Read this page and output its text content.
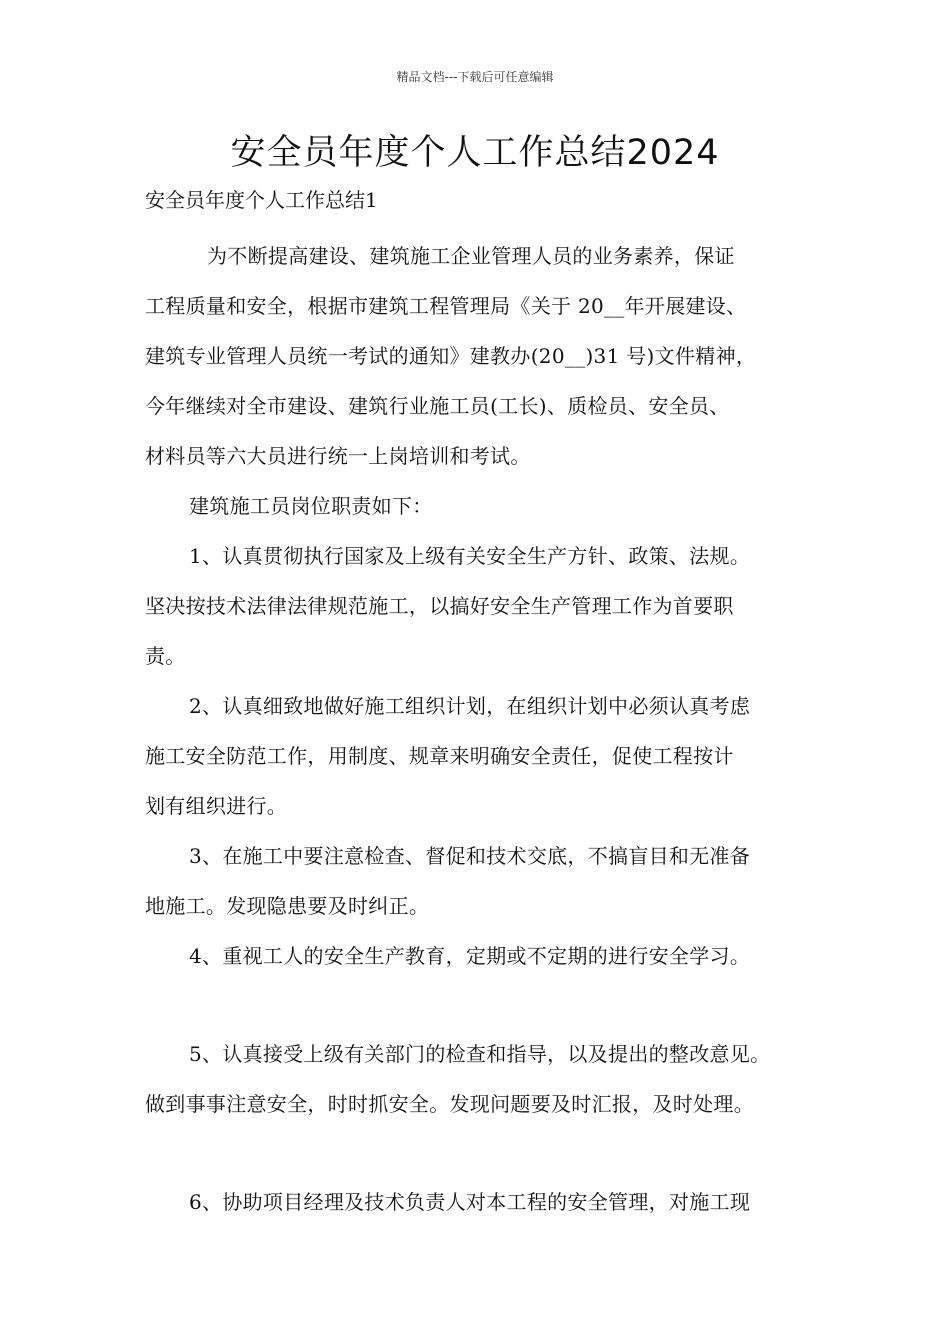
精品文档---下载后可任意编辑
安全员年度个人工作总结2024

安全员年度个人工作总结1

为不断提高建设、建筑施工企业管理人员的业务素养，保证
工程质量和安全，根据市建筑工程管理局《关于 20__年开展建设、
建筑专业管理人员统一考试的通知》建教办(20__)31 号)文件精神，
今年继续对全市建设、建筑行业施工员(工长)、质检员、安全员、
材料员等六大员进行统一上岗培训和考试。

建筑施工员岗位职责如下：

1、认真贯彻执行国家及上级有关安全生产方针、政策、法规。
坚决按技术法律法律规范施工，以搞好安全生产管理工作为首要职
责。

2、认真细致地做好施工组织计划，在组织计划中必须认真考虑
施工安全防范工作，用制度、规章来明确安全责任，促使工程按计
划有组织进行。

3、在施工中要注意检查、督促和技术交底，不搞盲目和无准备
地施工。发现隐患要及时纠正。

4、重视工人的安全生产教育，定期或不定期的进行安全学习。

5、认真接受上级有关部门的检查和指导，以及提出的整改意见。
做到事事注意安全，时时抓安全。发现问题要及时汇报，及时处理。

6、协助项目经理及技术负责人对本工程的安全管理，对施工现
